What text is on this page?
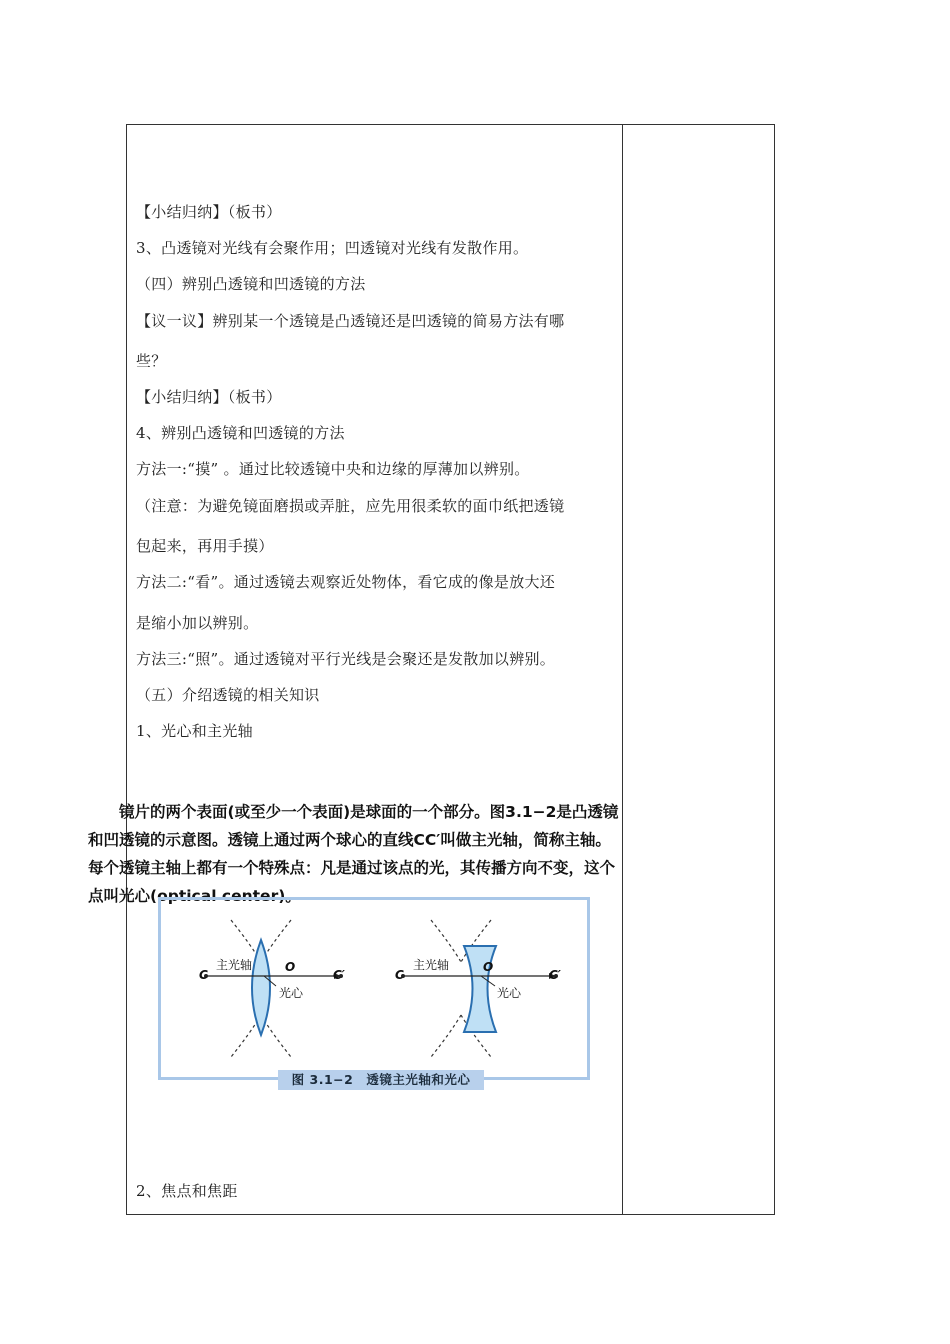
【小结归纳】（板书）
3、凸透镜对光线有会聚作用；凹透镜对光线有发散作用。
（四）辨别凸透镜和凹透镜的方法
【议一议】辨别某一个透镜是凸透镜还是凹透镜的简易方法有哪
些？
【小结归纳】（板书）
4、辨别凸透镜和凹透镜的方法
方法一:“摸” 。通过比较透镜中央和边缘的厚薄加以辨别。
（注意：为避免镜面磨损或弄脏，应先用很柔软的面巾纸把透镜
包起来，再用手摸）
方法二:“看”。通过透镜去观察近处物体，看它成的像是放大还
是缩小加以辨别。
方法三:“照”。通过透镜对平行光线是会聚还是发散加以辨别。
（五）介绍透镜的相关知识
1、光心和主光轴

　　镜片的两个表面(或至少一个表面)是球面的一个部分。图3.1−2是凸透镜

和凹透镜的示意图。透镜上通过两个球心的直线CC′叫做主光轴，简称主轴。

每个透镜主轴上都有一个特殊点：凡是通过该点的光，其传播方向不变，这个

点叫光心(optical center)。

C
主光轴	O
光心
C′	C
主光轴	O
光心
C′
图 3.1−2　透镜主光轴和光心
2、焦点和焦距
